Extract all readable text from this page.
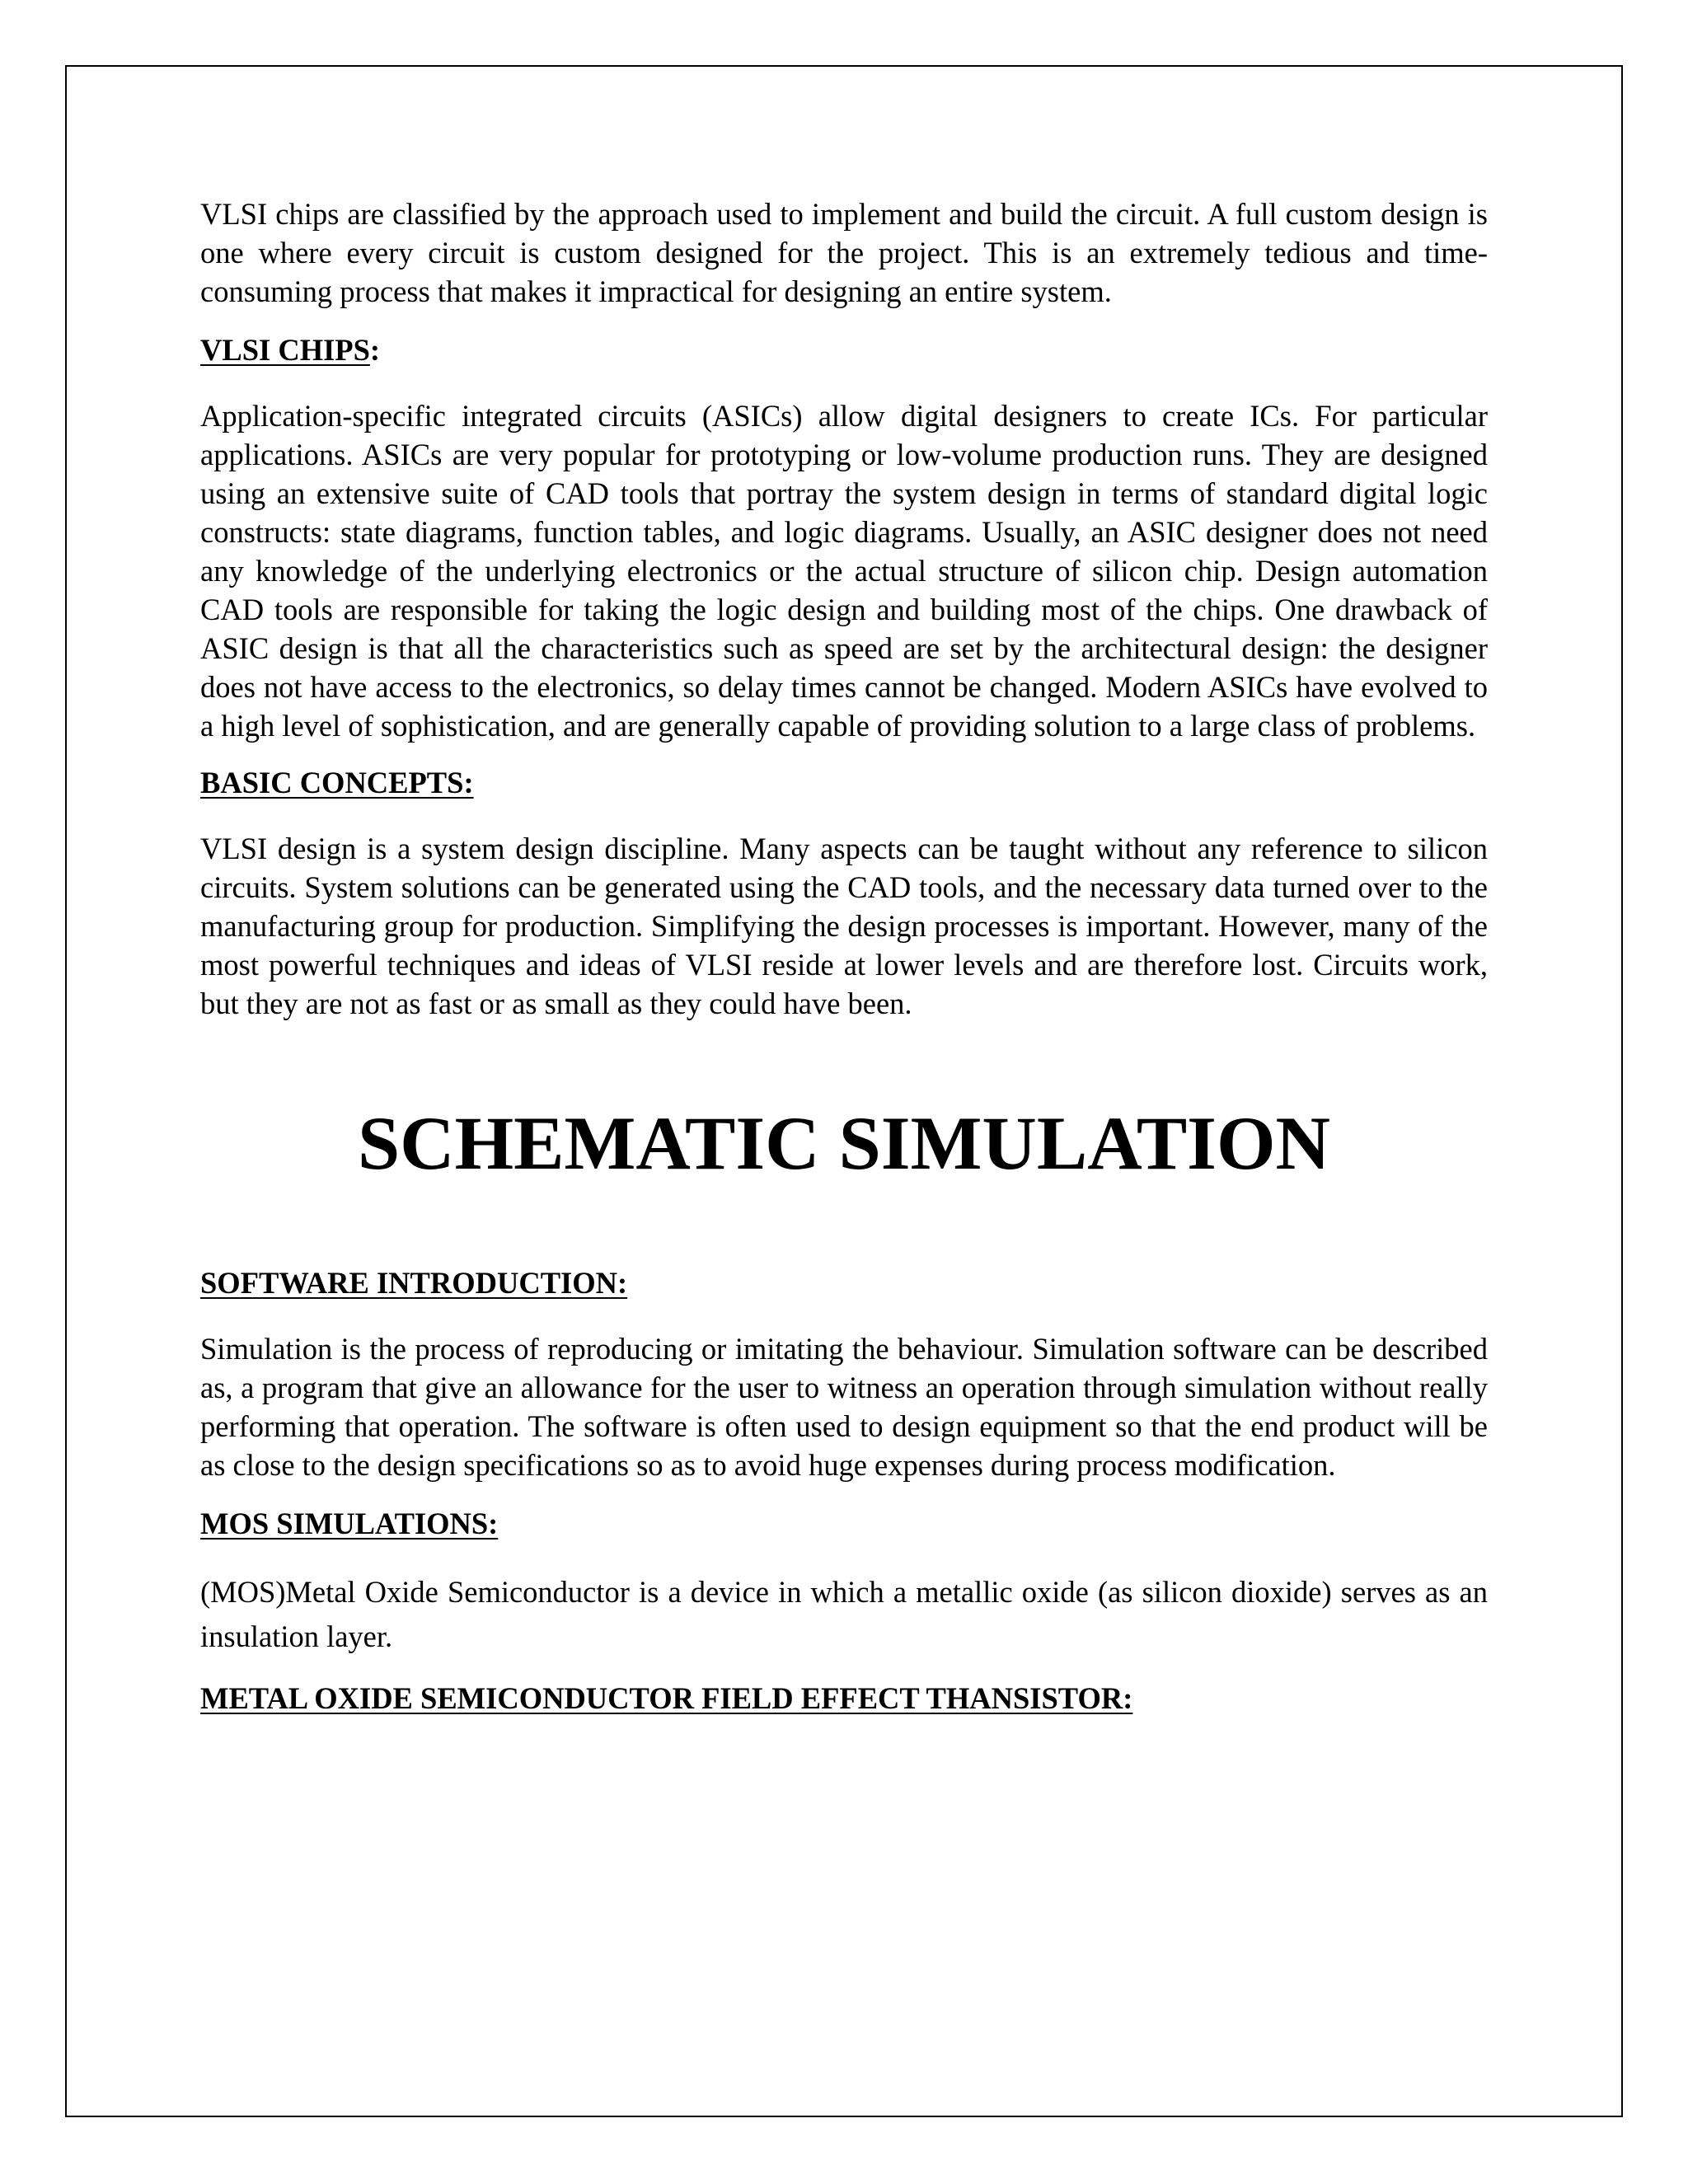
VLSI chips are classified by the approach used to implement and build the circuit. A full custom design is one where every circuit is custom designed for the project. This is an extremely tedious and time-consuming process that makes it impractical for designing an entire system.

VLSI CHIPS:

Application-specific integrated circuits (ASICs) allow digital designers to create ICs. For particular applications. ASICs are very popular for prototyping or low-volume production runs. They are designed using an extensive suite of CAD tools that portray the system design in terms of standard digital logic constructs: state diagrams, function tables, and logic diagrams. Usually, an ASIC designer does not need any knowledge of the underlying electronics or the actual structure of silicon chip. Design automation CAD tools are responsible for taking the logic design and building most of the chips. One drawback of ASIC design is that all the characteristics such as speed are set by the architectural design: the designer does not have access to the electronics, so delay times cannot be changed. Modern ASICs have evolved to a high level of sophistication, and are generally capable of providing solution to a large class of problems.

BASIC CONCEPTS:

VLSI design is a system design discipline. Many aspects can be taught without any reference to silicon circuits. System solutions can be generated using the CAD tools, and the necessary data turned over to the manufacturing group for production. Simplifying the design processes is important. However, many of the most powerful techniques and ideas of VLSI reside at lower levels and are therefore lost. Circuits work, but they are not as fast or as small as they could have been.

SCHEMATIC SIMULATION
SOFTWARE INTRODUCTION:

Simulation is the process of reproducing or imitating the behaviour. Simulation software can be described as, a program that give an allowance for the user to witness an operation through simulation without really performing that operation. The software is often used to design equipment so that the end product will be as close to the design specifications so as to avoid huge expenses during process modification.

MOS SIMULATIONS:

(MOS)Metal Oxide Semiconductor is a device in which a metallic oxide (as silicon dioxide) serves as an insulation layer.

METAL OXIDE SEMICONDUCTOR FIELD EFFECT THANSISTOR:
